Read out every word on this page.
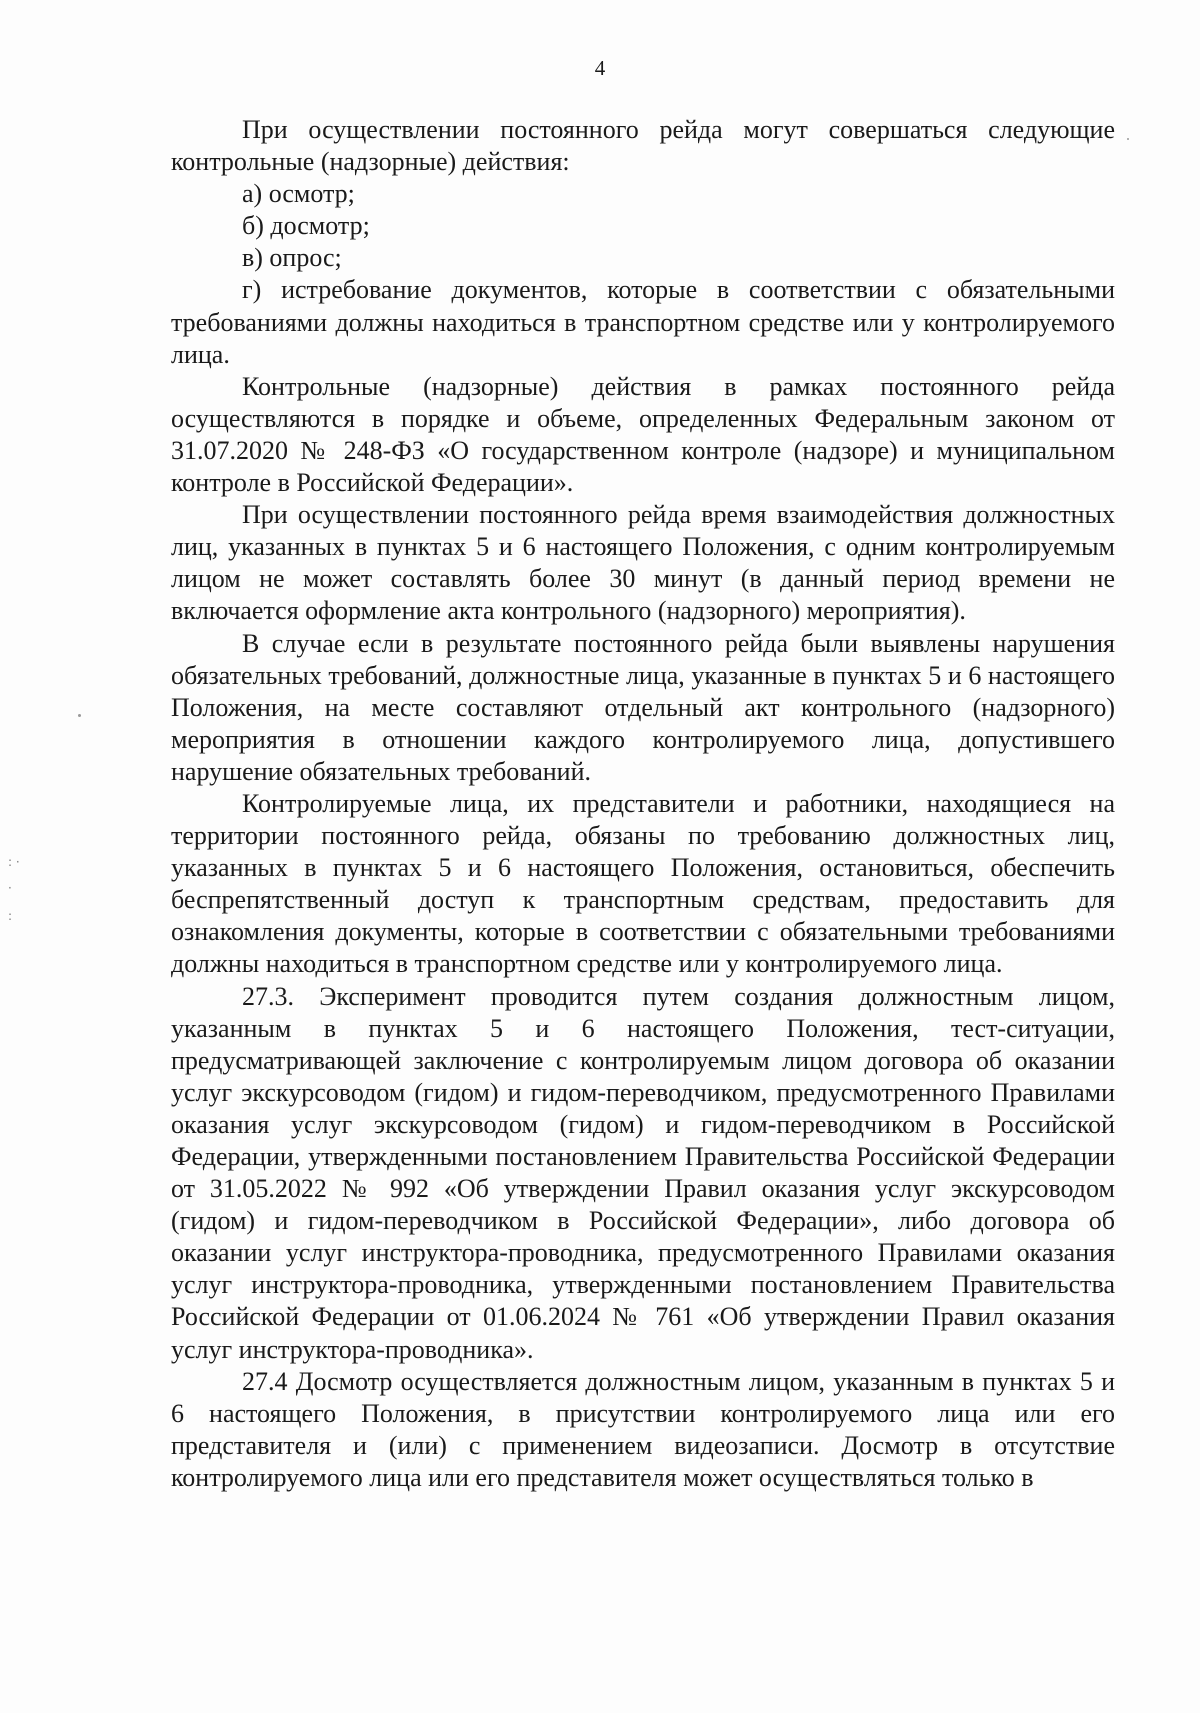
4

При осуществлении постоянного рейда могут совершаться следующие контрольные (надзорные) действия:

а) осмотр;

б) досмотр;

в) опрос;

г) истребование документов, которые в соответствии с обязательными требованиями должны находиться в транспортном средстве или у контролируемого лица.

Контрольные (надзорные) действия в рамках постоянного рейда осуществляются в порядке и объеме, определенных Федеральным законом от 31.07.2020 № 248-ФЗ «О государственном контроле (надзоре) и муниципальном контроле в Российской Федерации».

При осуществлении постоянного рейда время взаимодействия должностных лиц, указанных в пунктах 5 и 6 настоящего Положения, с одним контролируемым лицом не может составлять более 30 минут (в данный период времени не включается оформление акта контрольного (надзорного) мероприятия).

В случае если в результате постоянного рейда были выявлены нарушения обязательных требований, должностные лица, указанные в пунктах 5 и 6 настоящего Положения, на месте составляют отдельный акт контрольного (надзорного) мероприятия в отношении каждого контролируемого лица, допустившего нарушение обязательных требований.

Контролируемые лица, их представители и работники, находящиеся на территории постоянного рейда, обязаны по требованию должностных лиц, указанных в пунктах 5 и 6 настоящего Положения, остановиться, обеспечить беспрепятственный доступ к транспортным средствам, предоставить для ознакомления документы, которые в соответствии с обязательными требованиями должны находиться в транспортном средстве или у контролируемого лица.

27.3. Эксперимент проводится путем создания должностным лицом, указанным в пунктах 5 и 6 настоящего Положения, тест-ситуации, предусматривающей заключение с контролируемым лицом договора об оказании услуг экскурсоводом (гидом) и гидом-переводчиком, предусмотренного Правилами оказания услуг экскурсоводом (гидом) и гидом-переводчиком в Российской Федерации, утвержденными постановлением Правительства Российской Федерации от 31.05.2022 № 992 «Об утверждении Правил оказания услуг экскурсоводом (гидом) и гидом-переводчиком в Российской Федерации», либо договора об оказании услуг инструктора-проводника, предусмотренного Правилами оказания услуг инструктора-проводника, утвержденными постановлением Правительства Российской Федерации от 01.06.2024 № 761 «Об утверждении Правил оказания услуг инструктора-проводника».

27.4 Досмотр осуществляется должностным лицом, указанным в пунктах 5 и 6 настоящего Положения, в присутствии контролируемого лица или его представителя и (или) с применением видеозаписи. Досмотр в отсутствие контролируемого лица или его представителя может осуществляться только в

: ·
·
:
